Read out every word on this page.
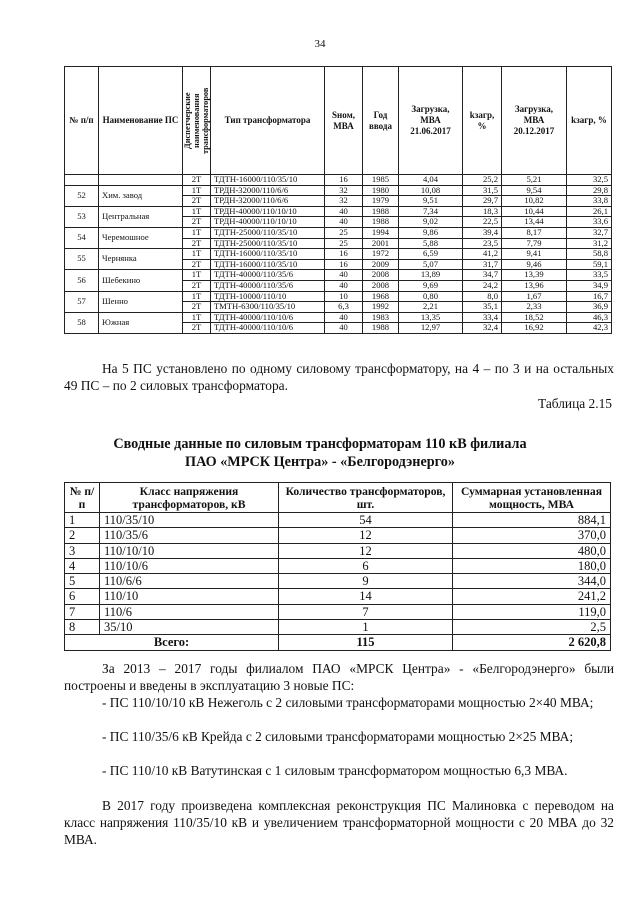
34
№ п/п	Наименование ПС	Диспетчерские наименования трансформаторов	Тип трансформатора	Sном, МВА	Год ввода	Загрузка, МВА 21.06.2017	kзагр, %	Загрузка, МВА 20.12.2017	kзагр, %
		2Т	ТДТН-16000/110/35/10	16	1985	4,04	25,2	5,21	32,5
52	Хим. завод	1Т	ТРДН-32000/110/6/6	32	1980	10,08	31,5	9,54	29,8
		2Т	ТРДН-32000/110/6/6	32	1979	9,51	29,7	10,82	33,8
53	Центральная	1Т	ТРДН-40000/110/10/10	40	1988	7,34	18,3	10,44	26,1
		2Т	ТРДН-40000/110/10/10	40	1988	9,02	22,5	13,44	33,6
54	Черемошное	1Т	ТДТН-25000/110/35/10	25	1994	9,86	39,4	8,17	32,7
		2Т	ТДТН-25000/110/35/10	25	2001	5,88	23,5	7,79	31,2
55	Чернянка	1Т	ТДТН-16000/110/35/10	16	1972	6,59	41,2	9,41	58,8
		2Т	ТДТН-16000/110/35/10	16	2009	5,07	31,7	9,46	59,1
56	Шебекино	1Т	ТДТН-40000/110/35/6	40	2008	13,89	34,7	13,39	33,5
		2Т	ТДТН-40000/110/35/6	40	2008	9,69	24,2	13,96	34,9
57	Шенно	1Т	ТДТН-10000/110/10	10	1968	0,80	8,0	1,67	16,7
		2Т	ТМТН-6300/110/35/10	6,3	1992	2,21	35,1	2,33	36,9
58	Южная	1Т	ТДТН-40000/110/10/6	40	1983	13,35	33,4	18,52	46,3
		2Т	ТДТН-40000/110/10/6	40	1988	12,97	32,4	16,92	42,3
На 5 ПС установлено по одному силовому трансформатору, на 4 – по 3 и на остальных 49 ПС – по 2 силовых трансформатора.
Таблица 2.15
Сводные данные по силовым трансформаторам 110 кВ филиала
ПАО «МРСК Центра» - «Белгородэнерго»
№ п/п	Класс напряжения трансформаторов, кВ	Количество трансформаторов, шт.	Суммарная установленная мощность, МВА
1	110/35/10	54	884,1
2	110/35/6	12	370,0
3	110/10/10	12	480,0
4	110/10/6	6	180,0
5	110/6/6	9	344,0
6	110/10	14	241,2
7	110/6	7	119,0
8	35/10	1	2,5
Всего:		115	2 620,8
За 2013 – 2017 годы филиалом ПАО «МРСК Центра» - «Белгородэнерго» были построены и введены в эксплуатацию 3 новые ПС:
- ПС 110/10/10 кВ Нежеголь с 2 силовыми трансформаторами мощностью 2×40 МВА;
- ПС 110/35/6 кВ Крейда с 2 силовыми трансформаторами мощностью 2×25 МВА;
- ПС 110/10 кВ Ватутинская с 1 силовым трансформатором мощностью 6,3 МВА.
В 2017 году произведена комплексная реконструкция ПС Малиновка с переводом на класс напряжения 110/35/10 кВ и увеличением трансформаторной мощности с 20 МВА до 32 МВА.
